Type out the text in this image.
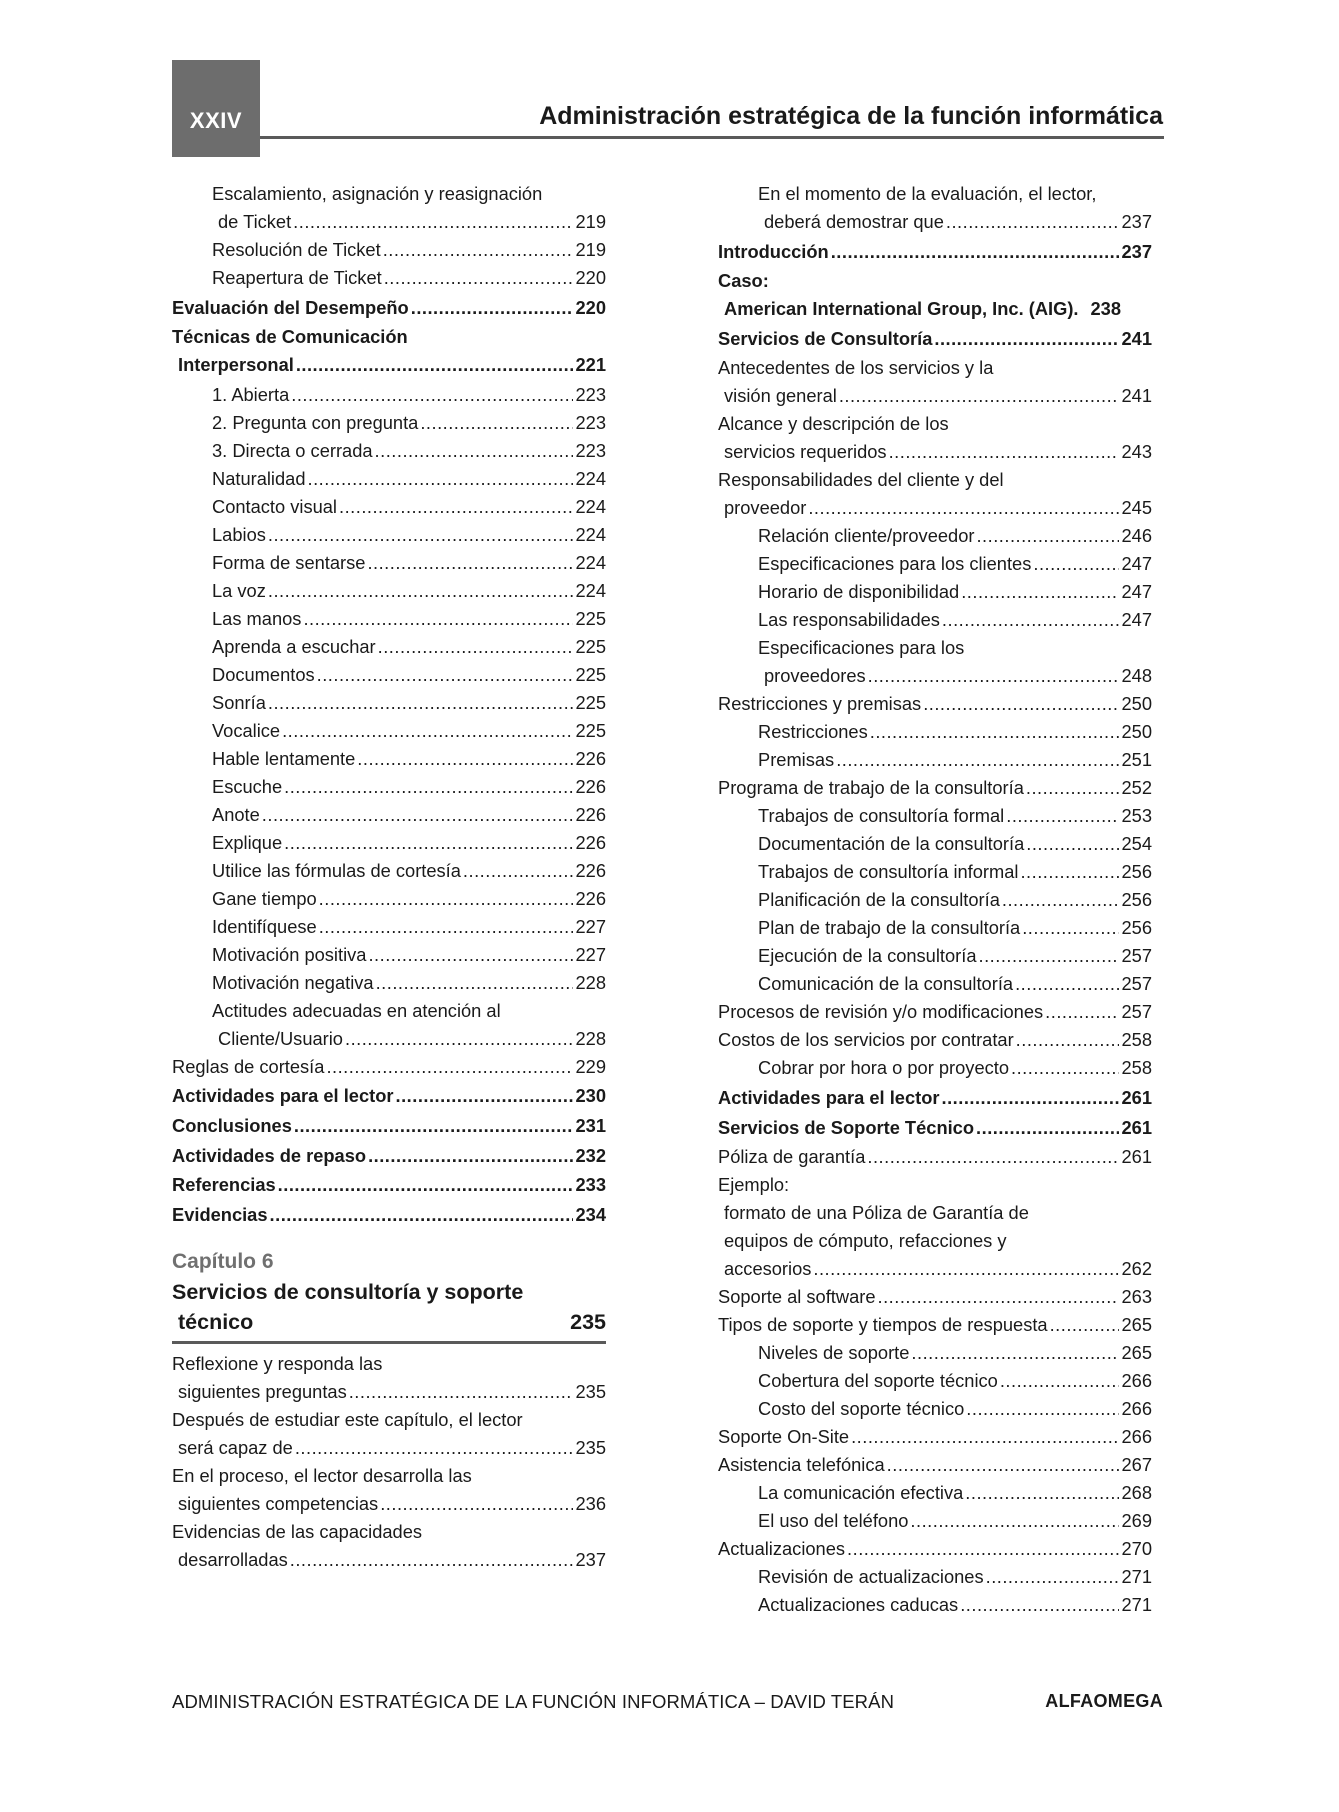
XXIV	Administración estratégica de la función informática
Escalamiento, asignación y reasignación
de Ticket .....	219
Resolución de Ticket .....	219
Reapertura de Ticket .....	220
Evaluación del Desempeño .....	220
Técnicas de Comunicación
Interpersonal .....	221
1. Abierta .....	223
2. Pregunta con pregunta .....	223
3. Directa o cerrada .....	223
Naturalidad .....	224
Contacto visual .....	224
Labios .....	224
Forma de sentarse .....	224
La voz .....	224
Las manos .....	225
Aprenda a escuchar .....	225
Documentos .....	225
Sonría .....	225
Vocalice .....	225
Hable lentamente .....	226
Escuche .....	226
Anote .....	226
Explique .....	226
Utilice las fórmulas de cortesía .....	226
Gane tiempo .....	226
Identifíquese .....	227
Motivación positiva .....	227
Motivación negativa .....	228
Actitudes adecuadas en atención al
Cliente/Usuario .....	228
Reglas de cortesía .....	229
Actividades para el lector .....	230
Conclusiones .....	231
Actividades de repaso .....	232
Referencias .....	233
Evidencias .....	234
Capítulo 6
Servicios de consultoría y soporte
técnico	235
Reflexione y responda las
siguientes preguntas .....	235
Después de estudiar este capítulo, el lector
será capaz de .....	235
En el proceso, el lector desarrolla las
siguientes competencias .....	236
Evidencias de las capacidades
desarrolladas .....	237
En el momento de la evaluación, el lector,
deberá demostrar que .....	237
Introducción .....	237
Caso:
American International Group, Inc. (AIG). 238
Servicios de Consultoría .....	241
Antecedentes de los servicios y la
visión general .....	241
Alcance y descripción de los
servicios requeridos .....	243
Responsabilidades del cliente y del
proveedor .....	245
Relación cliente/proveedor .....	246
Especificaciones para los clientes .....	247
Horario de disponibilidad .....	247
Las responsabilidades .....	247
Especificaciones para los
proveedores .....	248
Restricciones y premisas .....	250
Restricciones .....	250
Premisas .....	251
Programa de trabajo de la consultoría .....	252
Trabajos de consultoría formal .....	253
Documentación de la consultoría .....	254
Trabajos de consultoría informal .....	256
Planificación de la consultoría .....	256
Plan de trabajo de la consultoría .....	256
Ejecución de la consultoría .....	257
Comunicación de la consultoría .....	257
Procesos de revisión y/o modificaciones .....	257
Costos de los servicios por contratar .....	258
Cobrar por hora o por proyecto .....	258
Actividades para el lector .....	261
Servicios de Soporte Técnico .....	261
Póliza de garantía .....	261
Ejemplo:
formato de una Póliza de Garantía de
equipos de cómputo, refacciones y
accesorios .....	262
Soporte al software .....	263
Tipos de soporte y tiempos de respuesta .....	265
Niveles de soporte .....	265
Cobertura del soporte técnico .....	266
Costo del soporte técnico .....	266
Soporte On-Site .....	266
Asistencia telefónica .....	267
La comunicación efectiva .....	268
El uso del teléfono .....	269
Actualizaciones .....	270
Revisión de actualizaciones .....	271
Actualizaciones caducas .....	271
ADMINISTRACIÓN ESTRATÉGICA DE LA FUNCIÓN INFORMÁTICA – DAVID TERÁN	ALFAOMEGA
